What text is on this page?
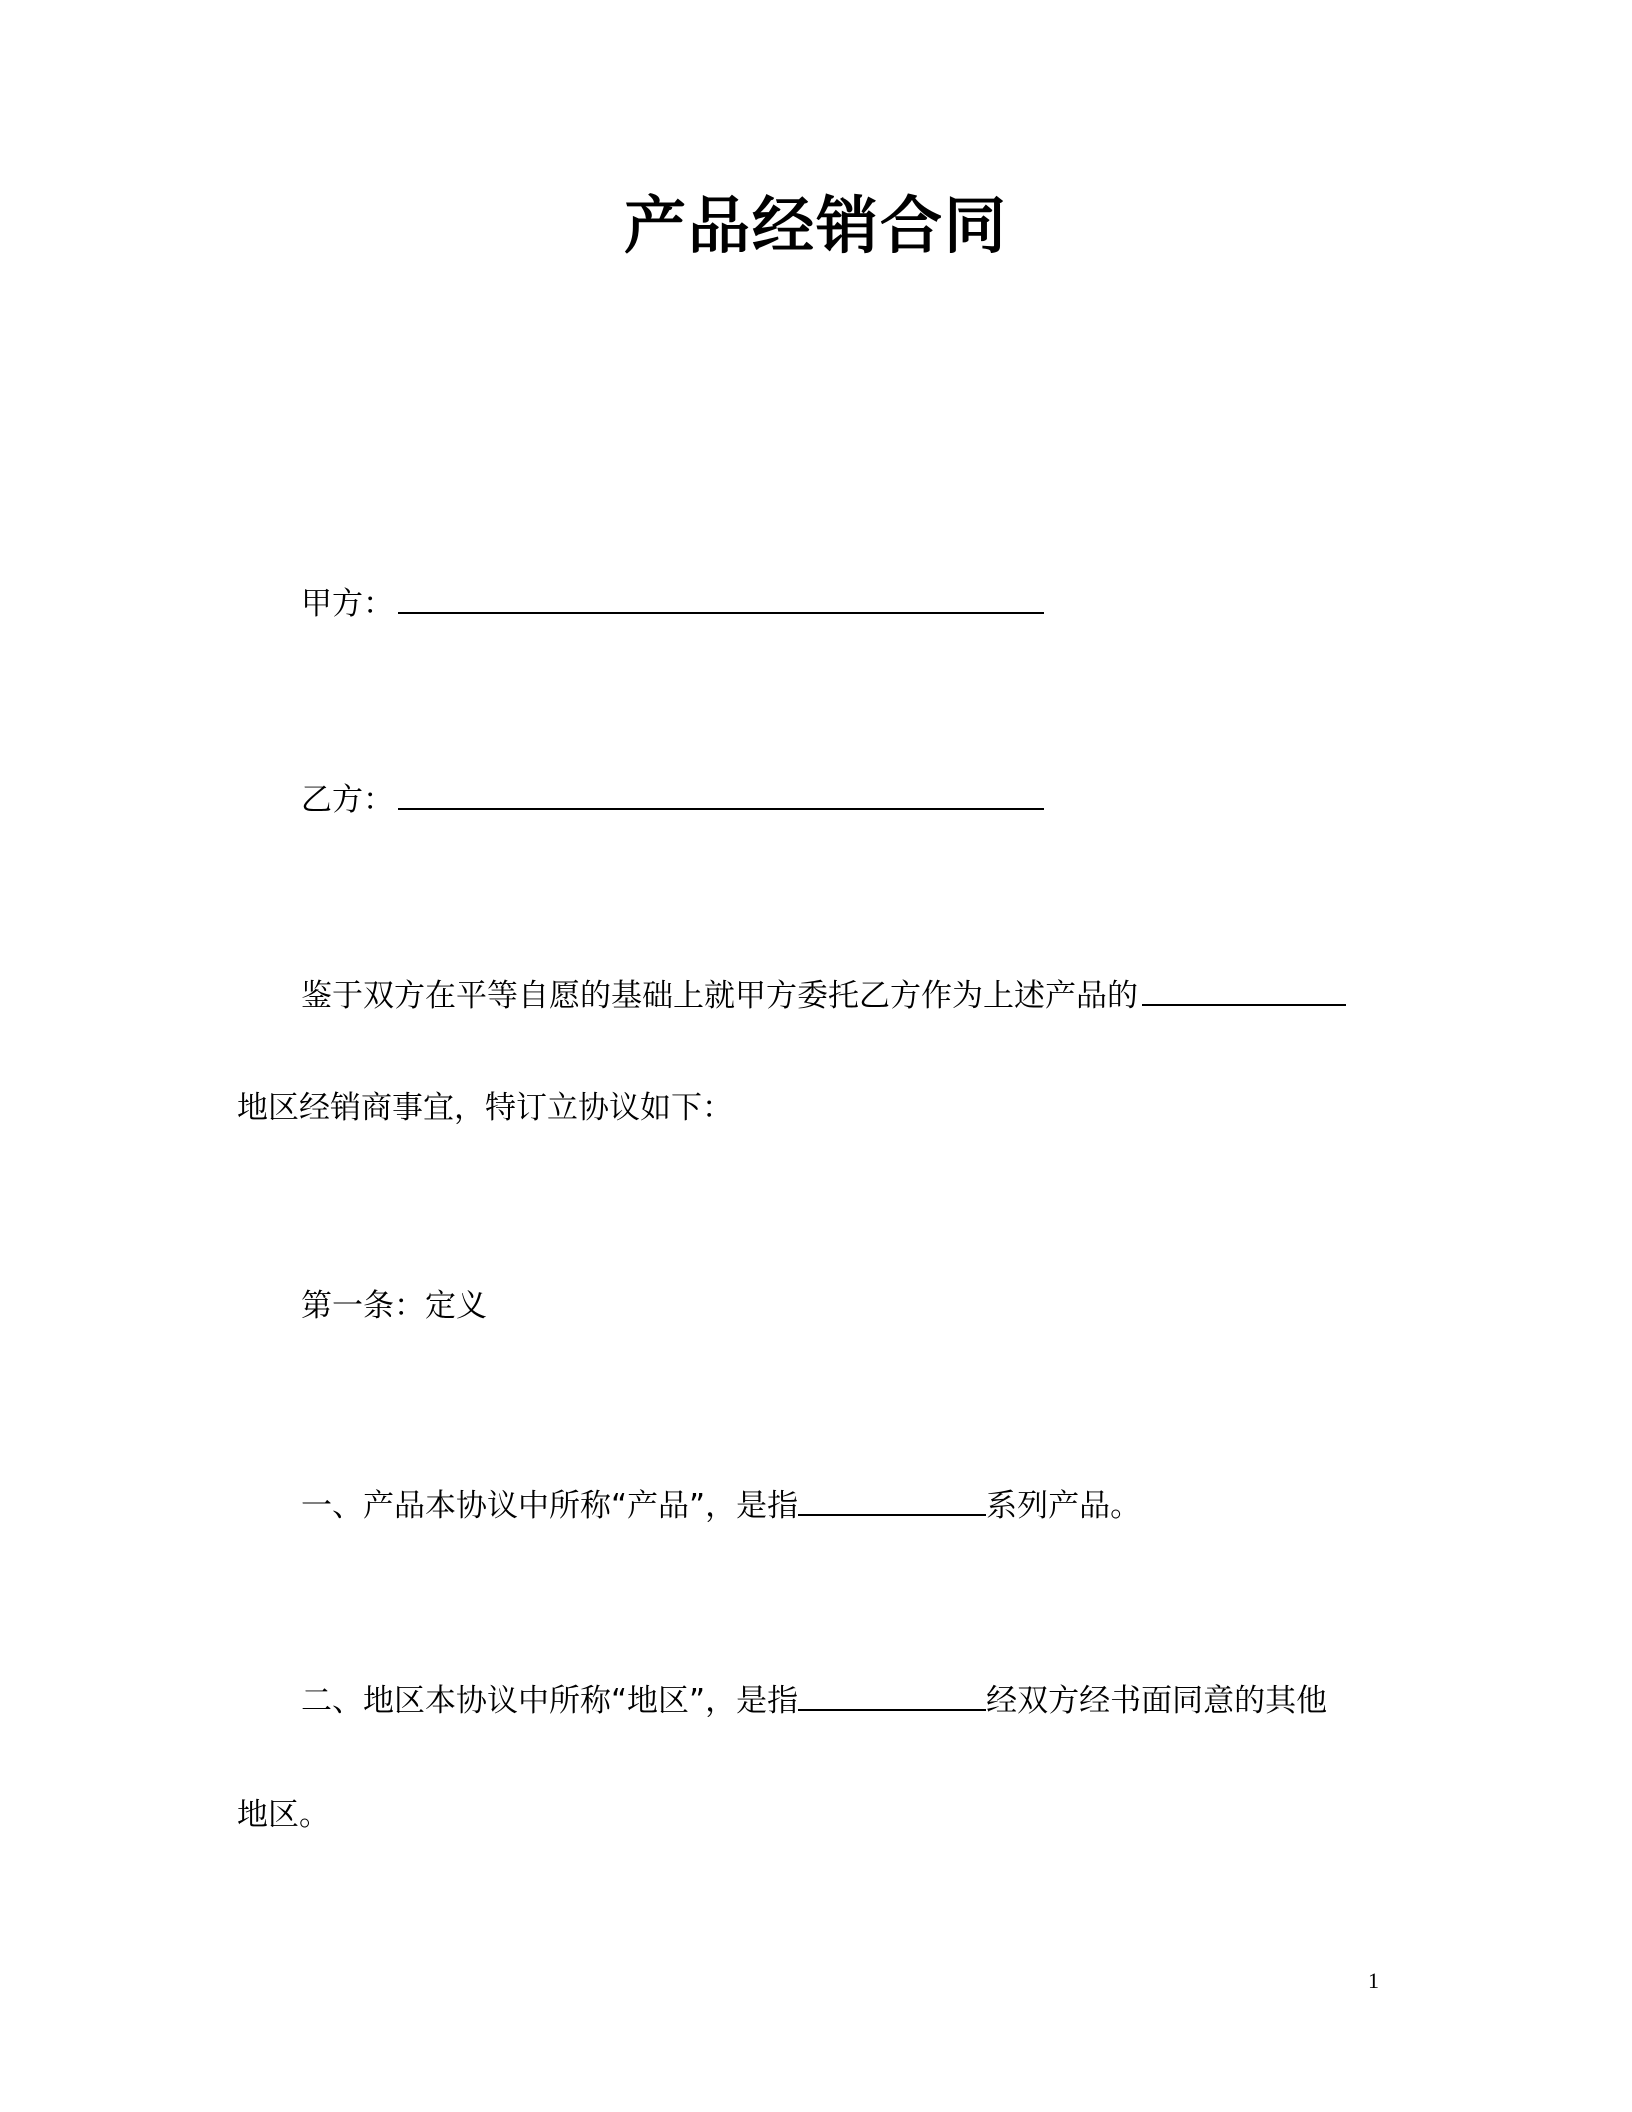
产品经销合同
甲方：
乙方：
鉴于双方在平等自愿的基础上就甲方委托乙方作为上述产品的
地区经销商事宜，特订立协议如下：
第一条：定义
一、产品本协议中所称“产品”，是指	系列产品。
二、地区本协议中所称“地区”，是指	经双方经书面同意的其他
地区。
1
